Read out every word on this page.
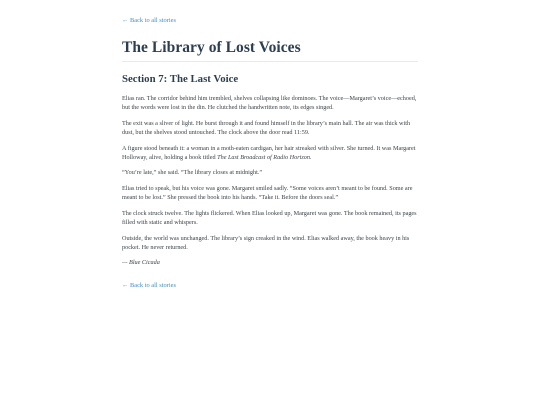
← Back to all stories
The Library of Lost Voices
Section 7: The Last Voice

Elias ran. The corridor behind him trembled, shelves collapsing like dominoes. The voice—Margaret’s voice—echoed, but the words were lost in the din. He clutched the handwritten note, its edges singed.

The exit was a sliver of light. He burst through it and found himself in the library’s main hall. The air was thick with dust, but the shelves stood untouched. The clock above the door read 11:59.

A figure stood beneath it: a woman in a moth-eaten cardigan, her hair streaked with silver. She turned. It was Margaret Holloway, alive, holding a book titled The Last Broadcast of Radio Horizon.

“You’re late,” she said. “The library closes at midnight.”

Elias tried to speak, but his voice was gone. Margaret smiled sadly. “Some voices aren’t meant to be found. Some are meant to be lost.” She pressed the book into his hands. “Take it. Before the doors seal.”

The clock struck twelve. The lights flickered. When Elias looked up, Margaret was gone. The book remained, its pages filled with static and whispers.

Outside, the world was unchanged. The library’s sign creaked in the wind. Elias walked away, the book heavy in his pocket. He never returned.

— Blue Cicada

← Back to all stories
